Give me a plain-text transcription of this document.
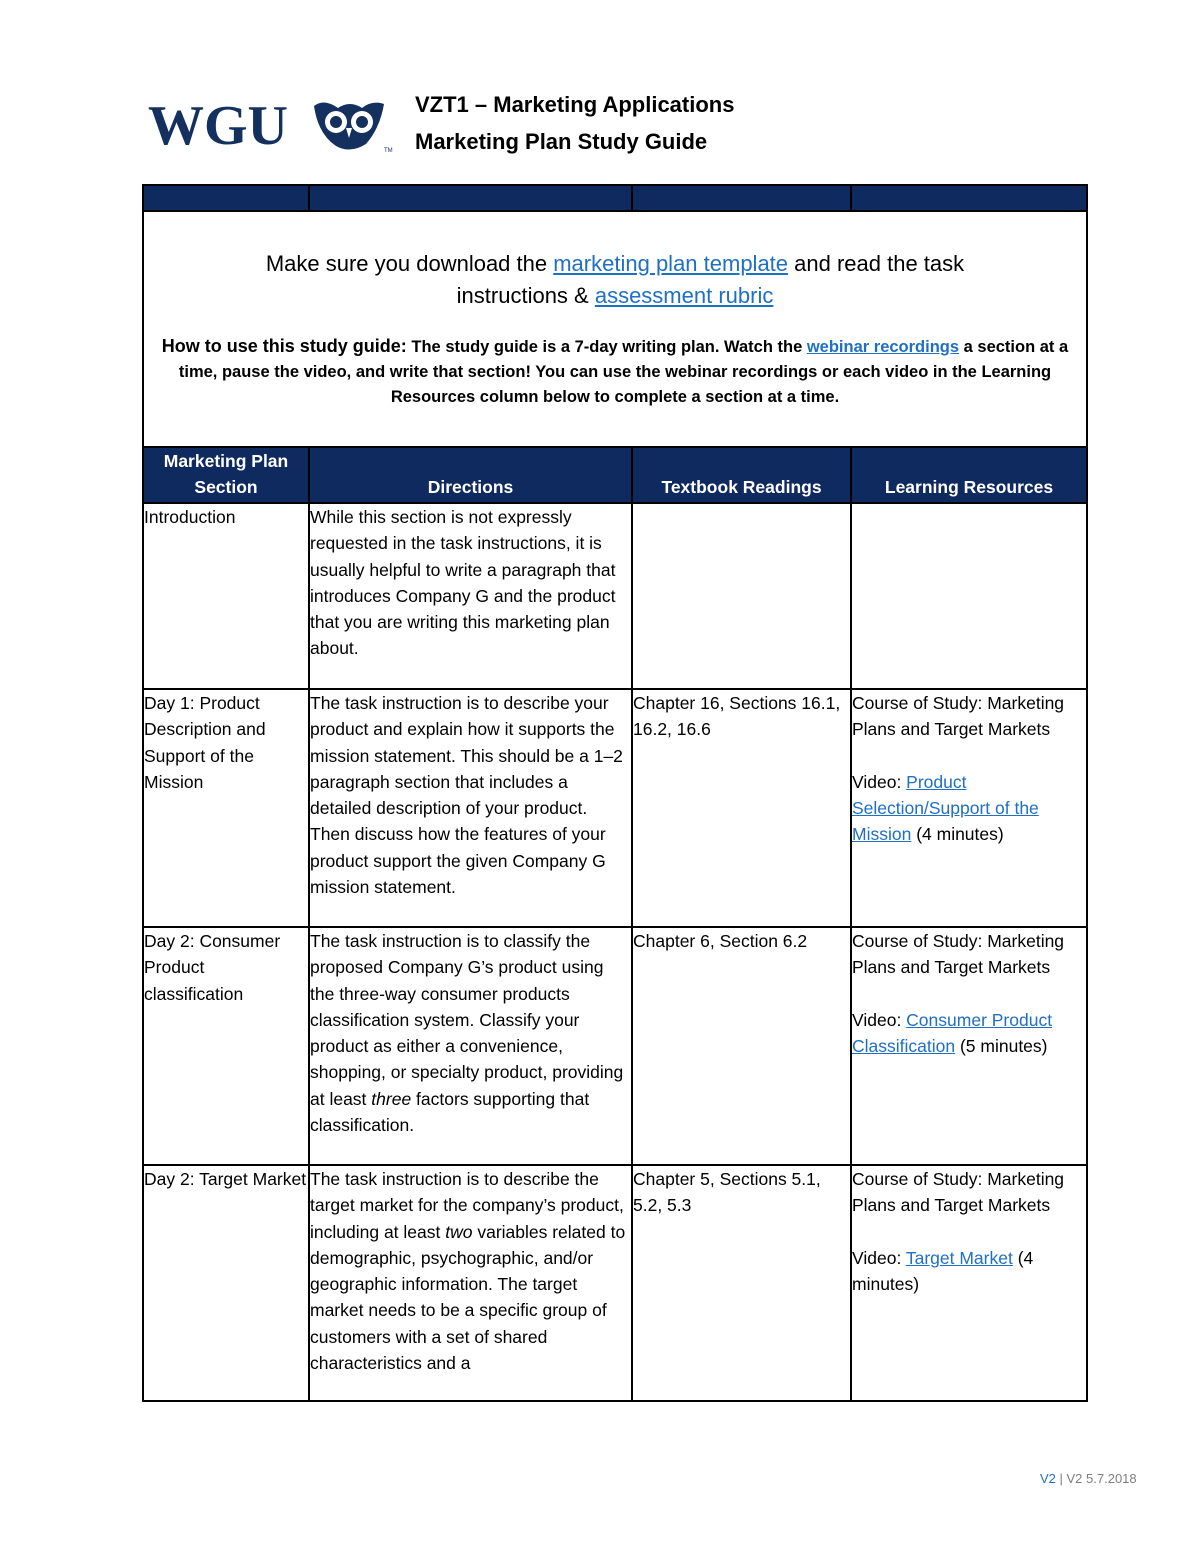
WGU	TM
VZT1 – Marketing Applications
Marketing Plan Study Guide

Make sure you download the marketing plan template and read the task
instructions & assessment rubric
How to use this study guide: The study guide is a 7-day writing plan. Watch the webinar recordings a section at a time, pause the video, and write that section! You can use the webinar recordings or each video in the Learning Resources column below to complete a section at a time.			

Marketing Plan Section	Directions	Textbook Readings	Learning Resources
Introduction	While this section is not expressly requested in the task instructions, it is usually helpful to write a paragraph that introduces Company G and the product that you are writing this marketing plan about.		
Day 1: Product Description and Support of the Mission	The task instruction is to describe your product and explain how it supports the mission statement. This should be a 1–2 paragraph section that includes a detailed description of your product. Then discuss how the features of your product support the given Company G mission statement.	Chapter 16, Sections 16.1, 16.2, 16.6	Course of Study: Marketing Plans and Target Markets
Video: Product Selection/Support of the Mission (4 minutes)

Day 2: Consumer Product classification	The task instruction is to classify the proposed Company G’s product using the three-way consumer products classification system. Classify your product as either a convenience, shopping, or specialty product, providing at least three factors supporting that classification.	Chapter 6, Section 6.2	Course of Study: Marketing Plans and Target Markets
Video: Consumer Product Classification (5 minutes)

Day 2: Target Market	The task instruction is to describe the target market for the company’s product, including at least two variables related to demographic, psychographic, and/or geographic information. The target market needs to be a specific group of customers with a set of shared characteristics and a	Chapter 5, Sections 5.1, 5.2, 5.3	Course of Study: Marketing Plans and Target Markets
Video: Target Market (4 minutes)
V2 | V2 5.7.2018
